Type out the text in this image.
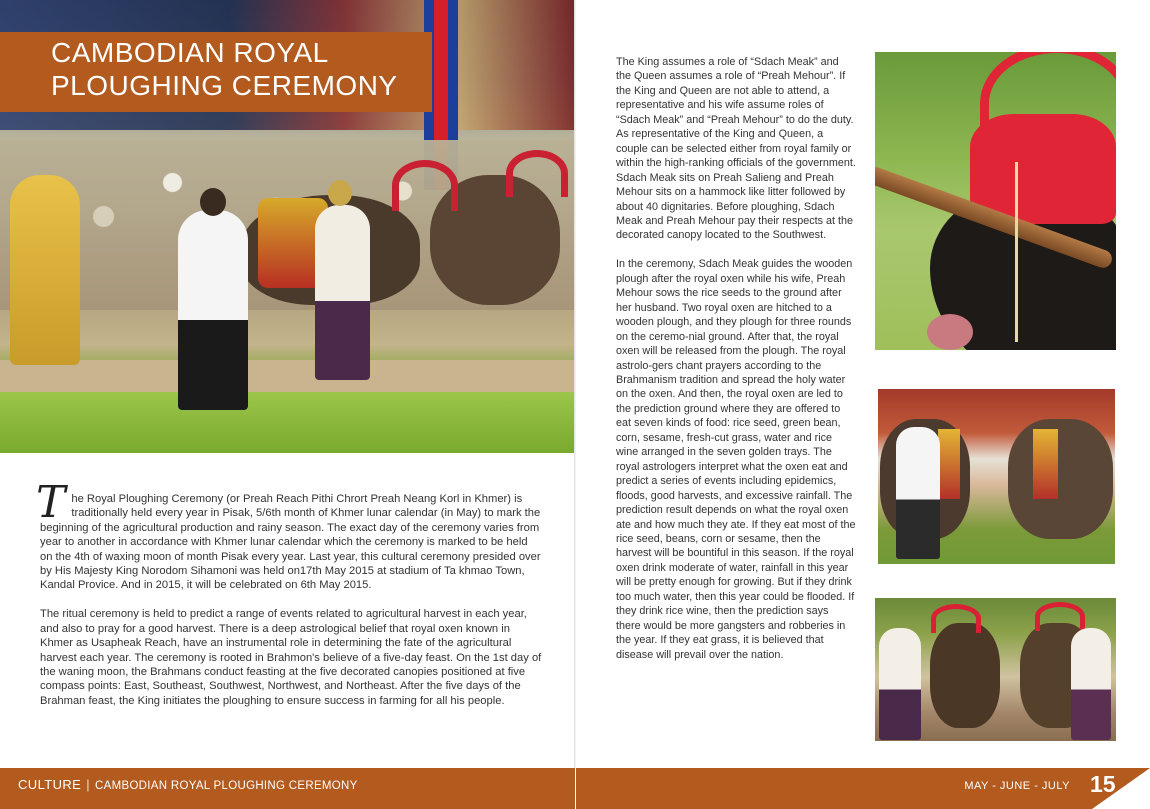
CAMBODIAN ROYAL
PLOUGHING CEREMONY

The Royal Ploughing Ceremony (or Preah Reach Pithi Chrort Preah Neang Korl in Khmer) is traditionally held every year in Pisak, 5/6th month of Khmer lunar calendar (in May) to mark the beginning of the agricultural production and rainy season. The exact day of the ceremony varies from year to another in accordance with Khmer lunar calendar which the ceremony is marked to be held on the 4th of waxing moon of month Pisak every year. Last year, this cultural ceremony presided over by His Majesty King Norodom Sihamoni was held on17th May 2015 at stadium of Ta khmao Town, Kandal Provice. And in 2015, it will be celebrated on 6th May 2015.

The ritual ceremony is held to predict a range of events related to agricultural harvest in each year, and also to pray for a good harvest. There is a deep astrological belief that royal oxen known in Khmer as Usapheak Reach, have an instrumental role in determining the fate of the agricultural harvest each year. The ceremony is rooted in Brahmon's believe of a five-day feast. On the 1st day of the waning moon, the Brahmans conduct feasting at the five decorated canopies positioned at five compass points: East, Southeast, Southwest, Northwest, and Northeast. After the five days of the Brahman feast, the King initiates the ploughing to ensure success in farming for all his people.

The King assumes a role of “Sdach Meak” and the Queen assumes a role of “Preah Mehour”. If the King and Queen are not able to attend, a representative and his wife assume roles of “Sdach Meak” and “Preah Mehour” to do the duty. As representative of the King and Queen, a couple can be selected either from royal family or within the high-ranking officials of the government. Sdach Meak sits on Preah Salieng and Preah Mehour sits on a hammock like litter followed by about 40 dignitaries. Before ploughing, Sdach Meak and Preah Mehour pay their respects at the decorated canopy located to the Southwest.

In the ceremony, Sdach Meak guides the wooden plough after the royal oxen while his wife, Preah Mehour sows the rice seeds to the ground after her husband. Two royal oxen are hitched to a wooden plough, and they plough for three rounds on the ceremo-nial ground. After that, the royal oxen will be released from the plough. The royal astrolo-gers chant prayers according to the Brahmanism tradition and spread the holy water on the oxen. And then, the royal oxen are led to the prediction ground where they are offered to eat seven kinds of food: rice seed, green bean, corn, sesame, fresh-cut grass, water and rice wine arranged in the seven golden trays. The royal astrologers interpret what the oxen eat and predict a series of events including epidemics, floods, good harvests, and excessive rainfall. The prediction result depends on what the royal oxen ate and how much they ate. If they eat most of the rice seed, beans, corn or sesame, then the harvest will be bountiful in this season. If the royal oxen drink moderate of water, rainfall in this year will be pretty enough for growing. But if they drink too much water, then this year could be flooded. If they drink rice wine, then the prediction says there would be more gangsters and robberies in the year. If they eat grass, it is believed that disease will prevail over the nation.

CULTURE | CAMBODIAN ROYAL PLOUGHING CEREMONY	MAY - JUNE - JULY 15
